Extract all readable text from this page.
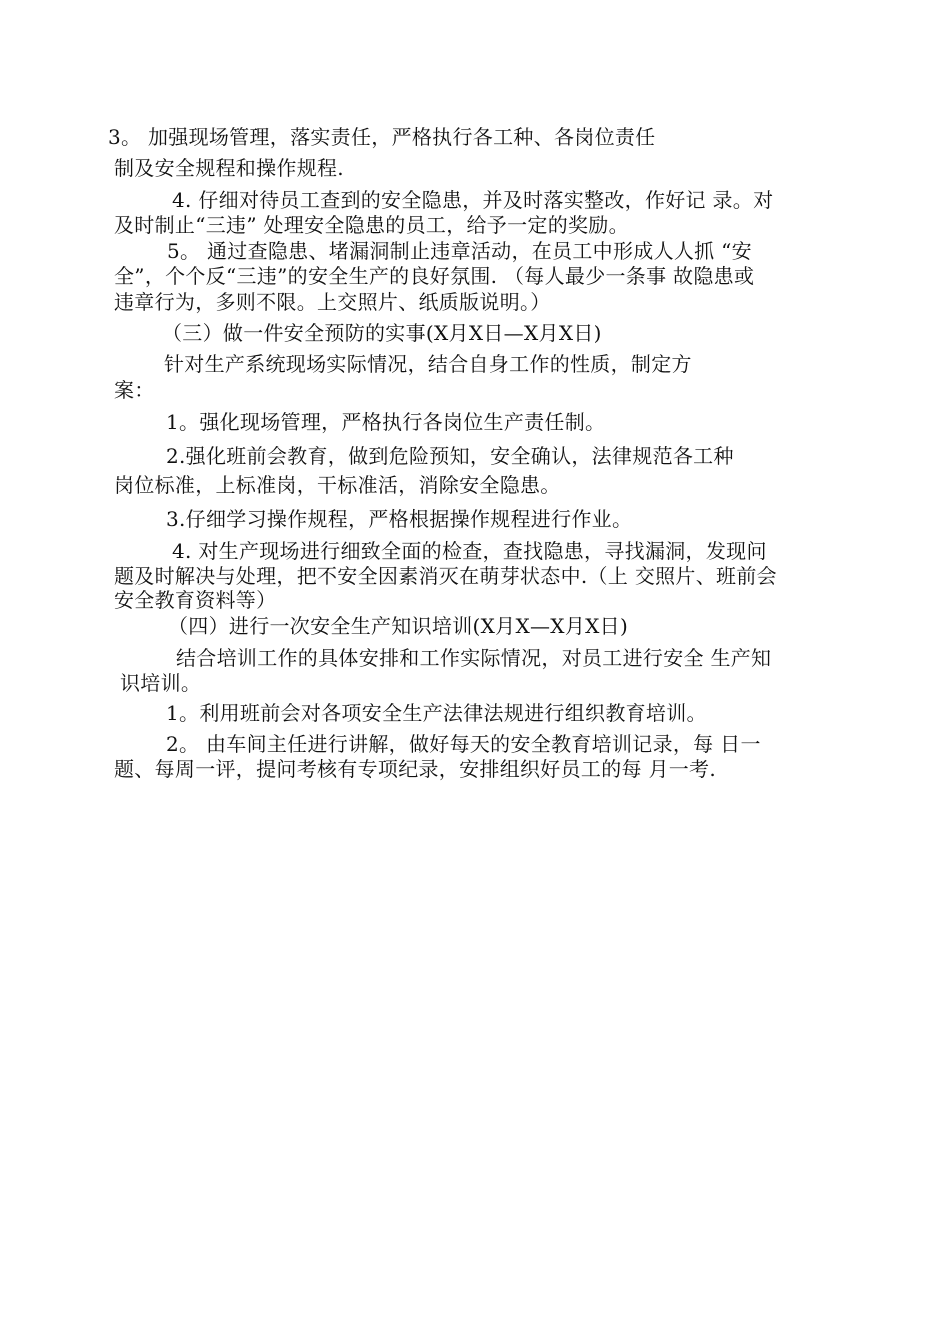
3。 加强现场管理，落实责任，严格执行各工种、各岗位责任
制及安全规程和操作规程.
4. 仔细对待员工查到的安全隐患，并及时落实整改，作好记 录。对
及时制止“三违” 处理安全隐患的员工，给予一定的奖励。
5。 通过查隐患、堵漏洞制止违章活动，在员工中形成人人抓 “安
全”，个个反“三违”的安全生产的良好氛围. （每人最少一条事 故隐患或
违章行为，多则不限。上交照片、纸质版说明。）
（三）做一件安全预防的实事(X月X日—X月X日)
针对生产系统现场实际情况，结合自身工作的性质，制定方
案：
1。强化现场管理，严格执行各岗位生产责任制。
2.强化班前会教育，做到危险预知，安全确认，法律规范各工种
岗位标准，上标准岗，干标准活，消除安全隐患。
3.仔细学习操作规程，严格根据操作规程进行作业。
4. 对生产现场进行细致全面的检查，查找隐患，寻找漏洞，发现问
题及时解决与处理，把不安全因素消灭在萌芽状态中.（上 交照片、班前会
安全教育资料等）
（四）进行一次安全生产知识培训(X月X—X月X日)
结合培训工作的具体安排和工作实际情况，对员工进行安全 生产知
识培训。
1。利用班前会对各项安全生产法律法规进行组织教育培训。
2。 由车间主任进行讲解，做好每天的安全教育培训记录，每 日一
题、每周一评，提问考核有专项纪录，安排组织好员工的每 月一考.
